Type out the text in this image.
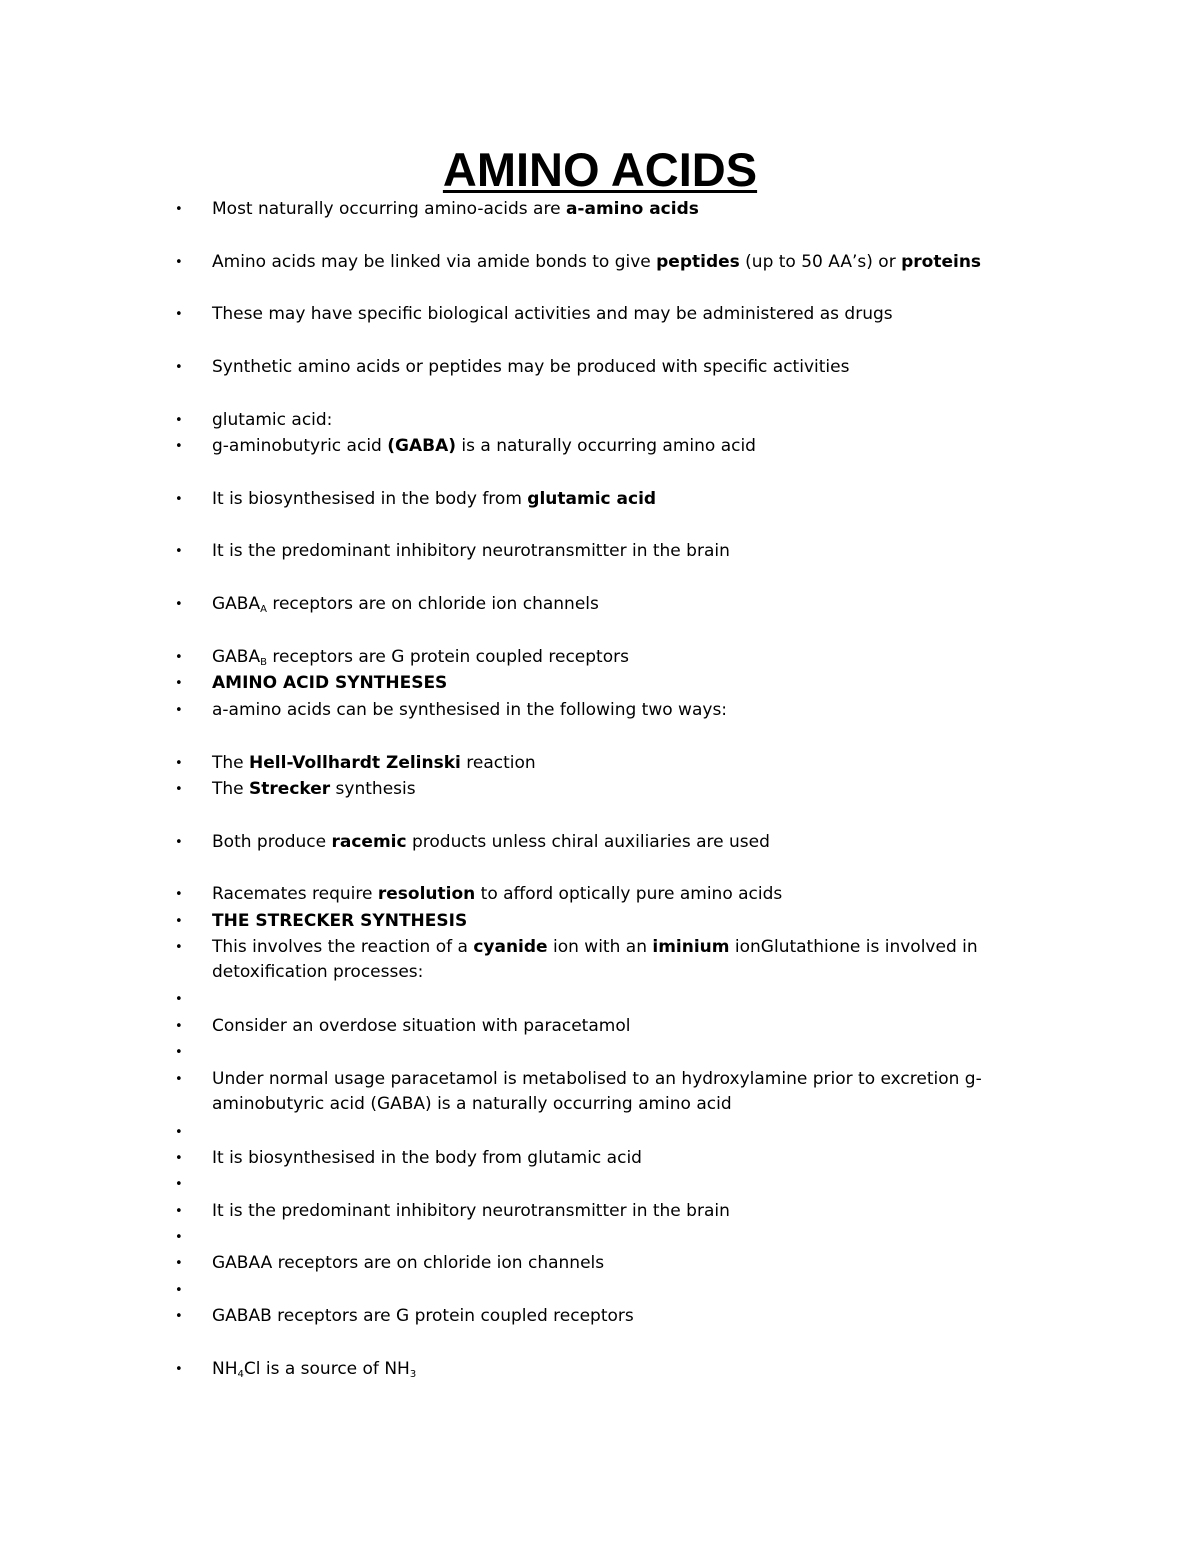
AMINO ACIDS
• Most naturally occurring amino-acids are a-amino acids
• Amino acids may be linked via amide bonds to give peptides (up to 50 AA’s) or proteins
• These may have specific biological activities and may be administered as drugs
• Synthetic amino acids or peptides may be produced with specific activities
• glutamic acid:
• g-aminobutyric acid (GABA) is a naturally occurring amino acid
• It is biosynthesised in the body from glutamic acid
• It is the predominant inhibitory neurotransmitter in the brain
• $GABA_A$ receptors are on chloride ion channels
• $GABA_B$ receptors are G protein coupled receptors
• AMINO ACID SYNTHESES
• a-amino acids can be synthesised in the following two ways:
• The Hell-Vollhardt Zelinski reaction
• The Strecker synthesis
• Both produce racemic products unless chiral auxiliaries are used
• Racemates require resolution to afford optically pure amino acids
• THE STRECKER SYNTHESIS
• This involves the reaction of a cyanide ion with an iminium ionGlutathione is involved in detoxification processes:
•
• Consider an overdose situation with paracetamol
•
• Under normal usage paracetamol is metabolised to an hydroxylamine prior to excretion g-aminobutyric acid (GABA) is a naturally occurring amino acid
•
• It is biosynthesised in the body from glutamic acid
•
• It is the predominant inhibitory neurotransmitter in the brain
•
• GABAA receptors are on chloride ion channels
•
• GABAB receptors are G protein coupled receptors
• $NH_4Cl$ is a source of $NH_3$
